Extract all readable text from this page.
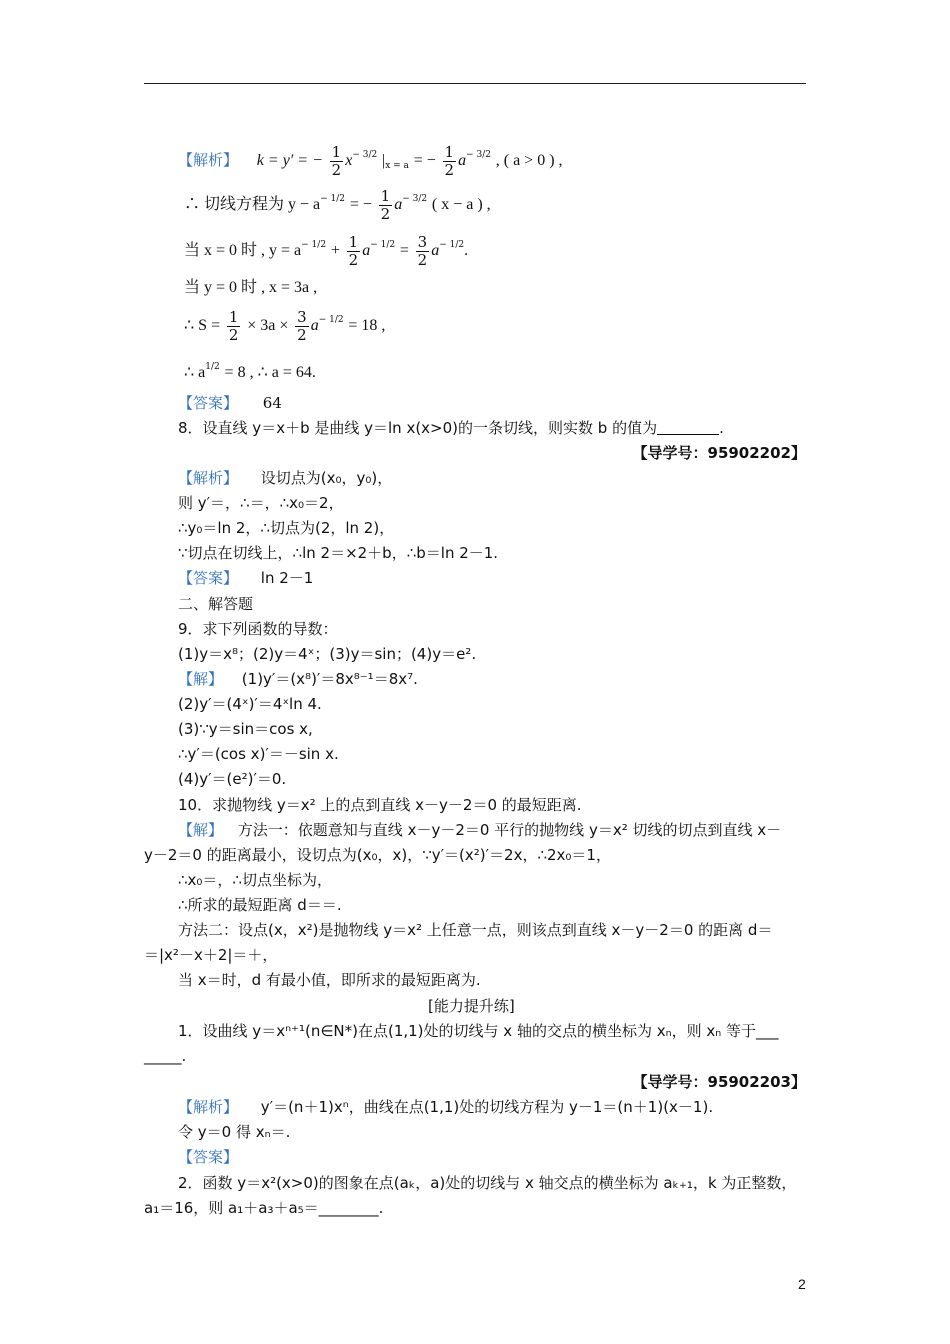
【解析】 k = y′ = − $\frac{1}{2} x^{- 3/2}$ $|_{x = a}$ = − $\frac{1}{2} a^{- 3/2}$ , ( a > 0 ) ,
∴ 切线方程为 $y - a^{- 1/2}$ = − $\frac{1}{2} a^{- 3/2}$ ( x − a ) ,
当 x = 0 时 , $y = a^{- 1/2} + \frac{1}{2} a^{- 1/2} = \frac{3}{2} a^{- 1/2}$.
当 y = 0 时 , x = 3a ,
∴ $S = \frac{1}{2} \times 3a \times \frac{3}{2} a^{- 1/2} = 18$ ,
∴ $a^{1/2} = 8$ , ∴ a = 64.
【答案】 64
8．设直线 y＝x＋b 是曲线 y＝ln x(x>0)的一条切线，则实数 b 的值为	.
【导学号：95902202】
【解析】 设切点为(x₀，y₀)，
则 y′＝，∴＝，∴x₀＝2，
∴y₀＝ln 2，∴切点为(2，ln 2)，
∵切点在切线上，∴ln 2＝×2＋b，∴b＝ln 2－1.
【答案】 ln 2－1
二、解答题
9．求下列函数的导数：
(1)y＝x⁸；(2)y＝4ˣ；(3)y＝sin；(4)y＝e².
【解】 (1)y′＝(x⁸)′＝8x⁸⁻¹＝8x⁷.
(2)y′＝(4ˣ)′＝4ˣln 4.
(3)∵y＝sin＝cos x,
∴y′＝(cos x)′＝－sin x.
(4)y′＝(e²)′＝0.
10．求抛物线 y＝x² 上的点到直线 x－y－2＝0 的最短距离.
【解】 方法一：依题意知与直线 x－y－2＝0 平行的抛物线 y＝x² 切线的切点到直线 x－
y－2＝0 的距离最小，设切点为(x₀，x)，∵y′＝(x²)′＝2x，∴2x₀＝1，
∴x₀＝，∴切点坐标为，
∴所求的最短距离 d＝＝.
方法二：设点(x，x²)是抛物线 y＝x² 上任意一点，则该点到直线 x－y－2＝0 的距离 d＝
＝|x²－x＋2|＝＋，
当 x＝时，d 有最小值，即所求的最短距离为.
[能力提升练]
1．设曲线 y＝xⁿ⁺¹(n∈N*)在点(1,1)处的切线与 x 轴的交点的横坐标为 xₙ，则 xₙ 等于___
_____.
【导学号：95902203】
【解析】 y′＝(n＋1)xⁿ，曲线在点(1,1)处的切线方程为 y－1＝(n＋1)(x－1).
令 y＝0 得 xₙ＝.
【答案】
2．函数 y＝x²(x>0)的图象在点(aₖ，a)处的切线与 x 轴交点的横坐标为 aₖ₊₁，k 为正整数，
a₁＝16，则 a₁＋a₃＋a₅＝________.
2
